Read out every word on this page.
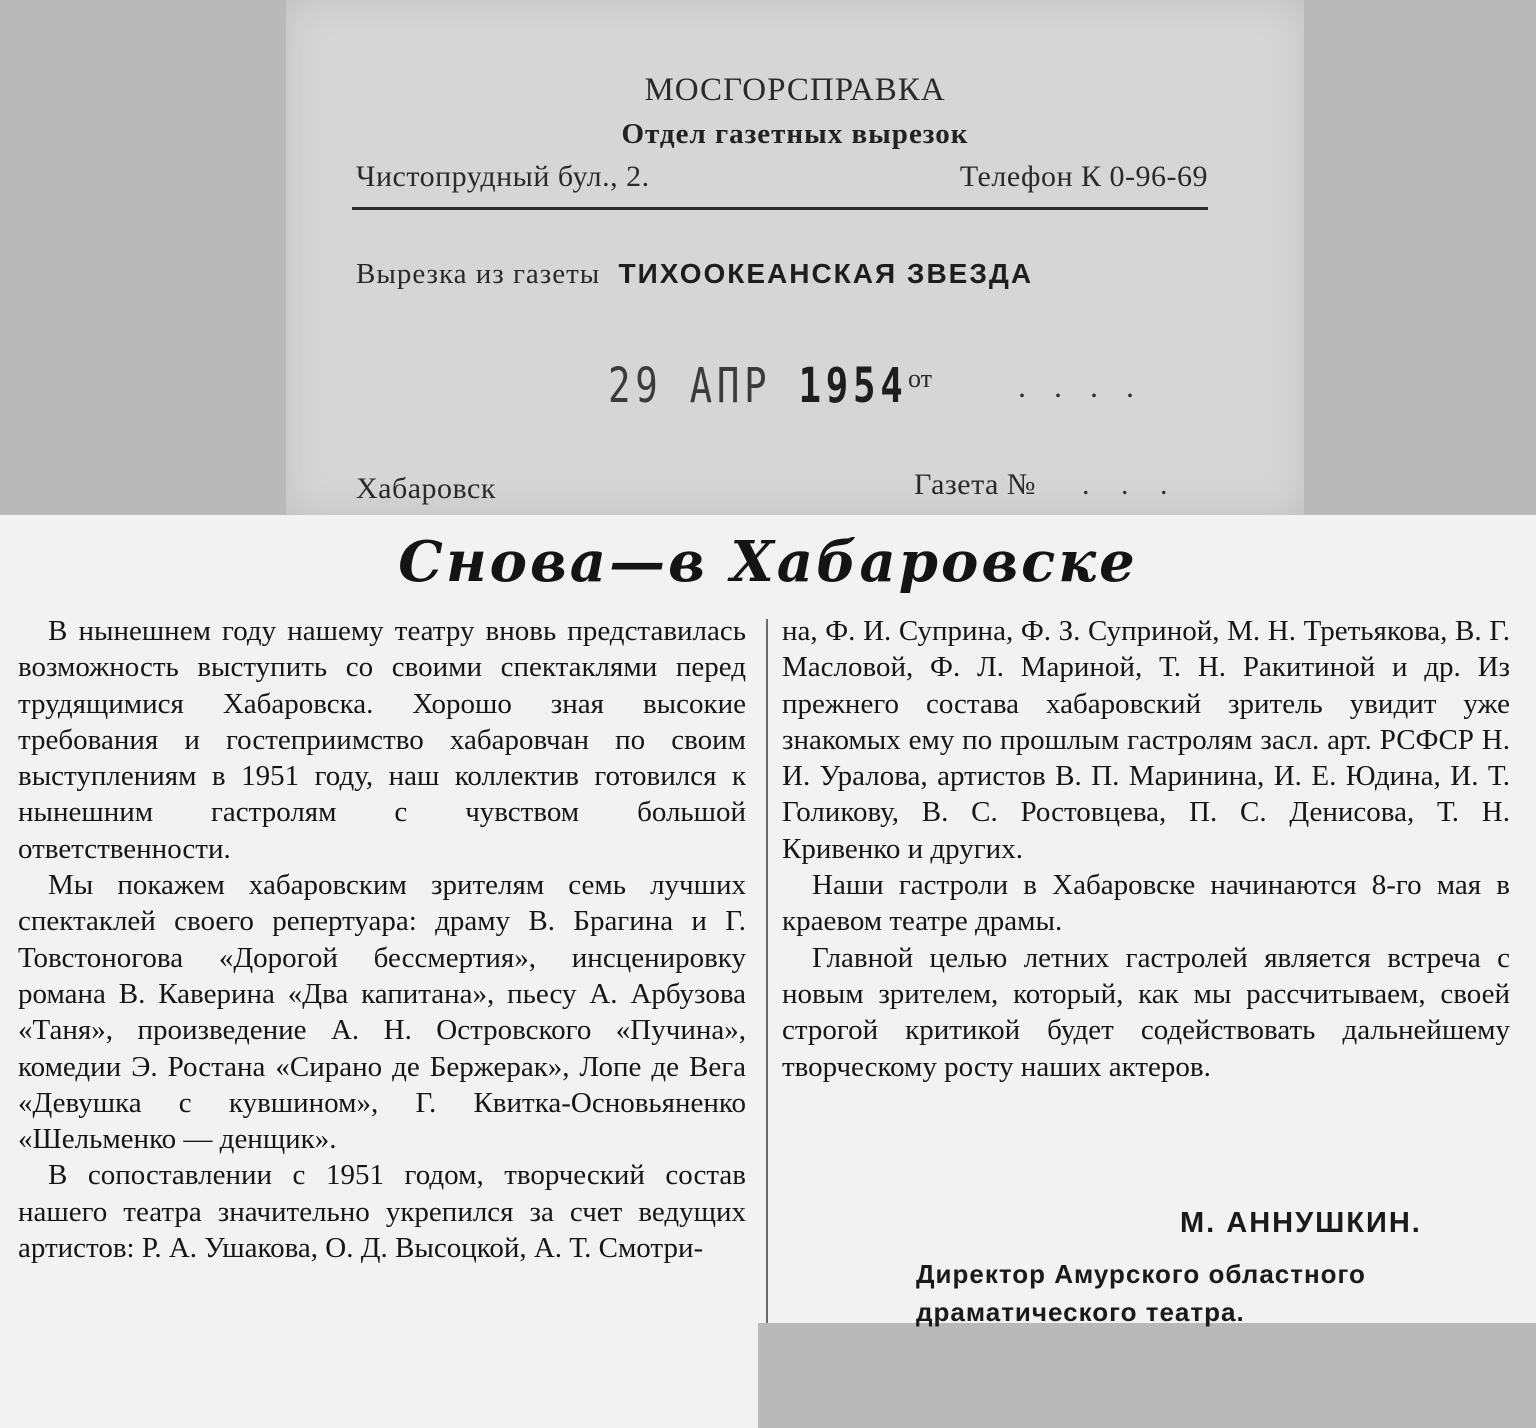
МОСГОРСПРАВКА
Отдел газетных вырезок
Чистопрудный бул., 2.	Телефон К 0-96-69
Вырезка из газеты ТИХООКЕАНСКАЯ ЗВЕЗДА
29 АПР 1954 от	. . . .
Хабаровск	Газета № . . .
Снова—в Хабаровске

В нынешнем году нашему театру вновь представилась возможность выступить со своими спектаклями перед трудящимися Хабаровска. Хорошо зная высокие требования и гостеприимство хабаровчан по своим выступлениям в 1951 году, наш коллектив готовился к нынешним гастролям с чувством большой ответственности.

Мы покажем хабаровским зрителям семь лучших спектаклей своего репертуара: драму В. Брагина и Г. Товстоногова «Дорогой бессмертия», инсценировку романа В. Каверина «Два капитана», пьесу А. Арбузова «Таня», произведение А. Н. Островского «Пучина», комедии Э. Ростана «Сирано де Бержерак», Лопе де Вега «Девушка с кувшином», Г. Квитка-Основьяненко «Шельменко — денщик».

В сопоставлении с 1951 годом, творческий состав нашего театра значительно укрепился за счет ведущих артистов: Р. А. Ушакова, О. Д. Высоцкой, А. Т. Смотри-

на, Ф. И. Суприна, Ф. З. Суприной, М. Н. Третьякова, В. Г. Масловой, Ф. Л. Мариной, Т. Н. Ракитиной и др. Из прежнего состава хабаровский зритель увидит уже знакомых ему по прошлым гастролям засл. арт. РСФСР Н. И. Уралова, артистов В. П. Маринина, И. Е. Юдина, И. Т. Голикову, В. С. Ростовцева, П. С. Денисова, Т. Н. Кривенко и других.

Наши гастроли в Хабаровске начинаются 8-го мая в краевом театре драмы.

Главной целью летних гастролей является встреча с новым зрителем, который, как мы рассчитываем, своей строгой критикой будет содействовать дальнейшему творческому росту наших актеров.

М. АННУШКИН.
Директор Амурского областного драматического театра.
